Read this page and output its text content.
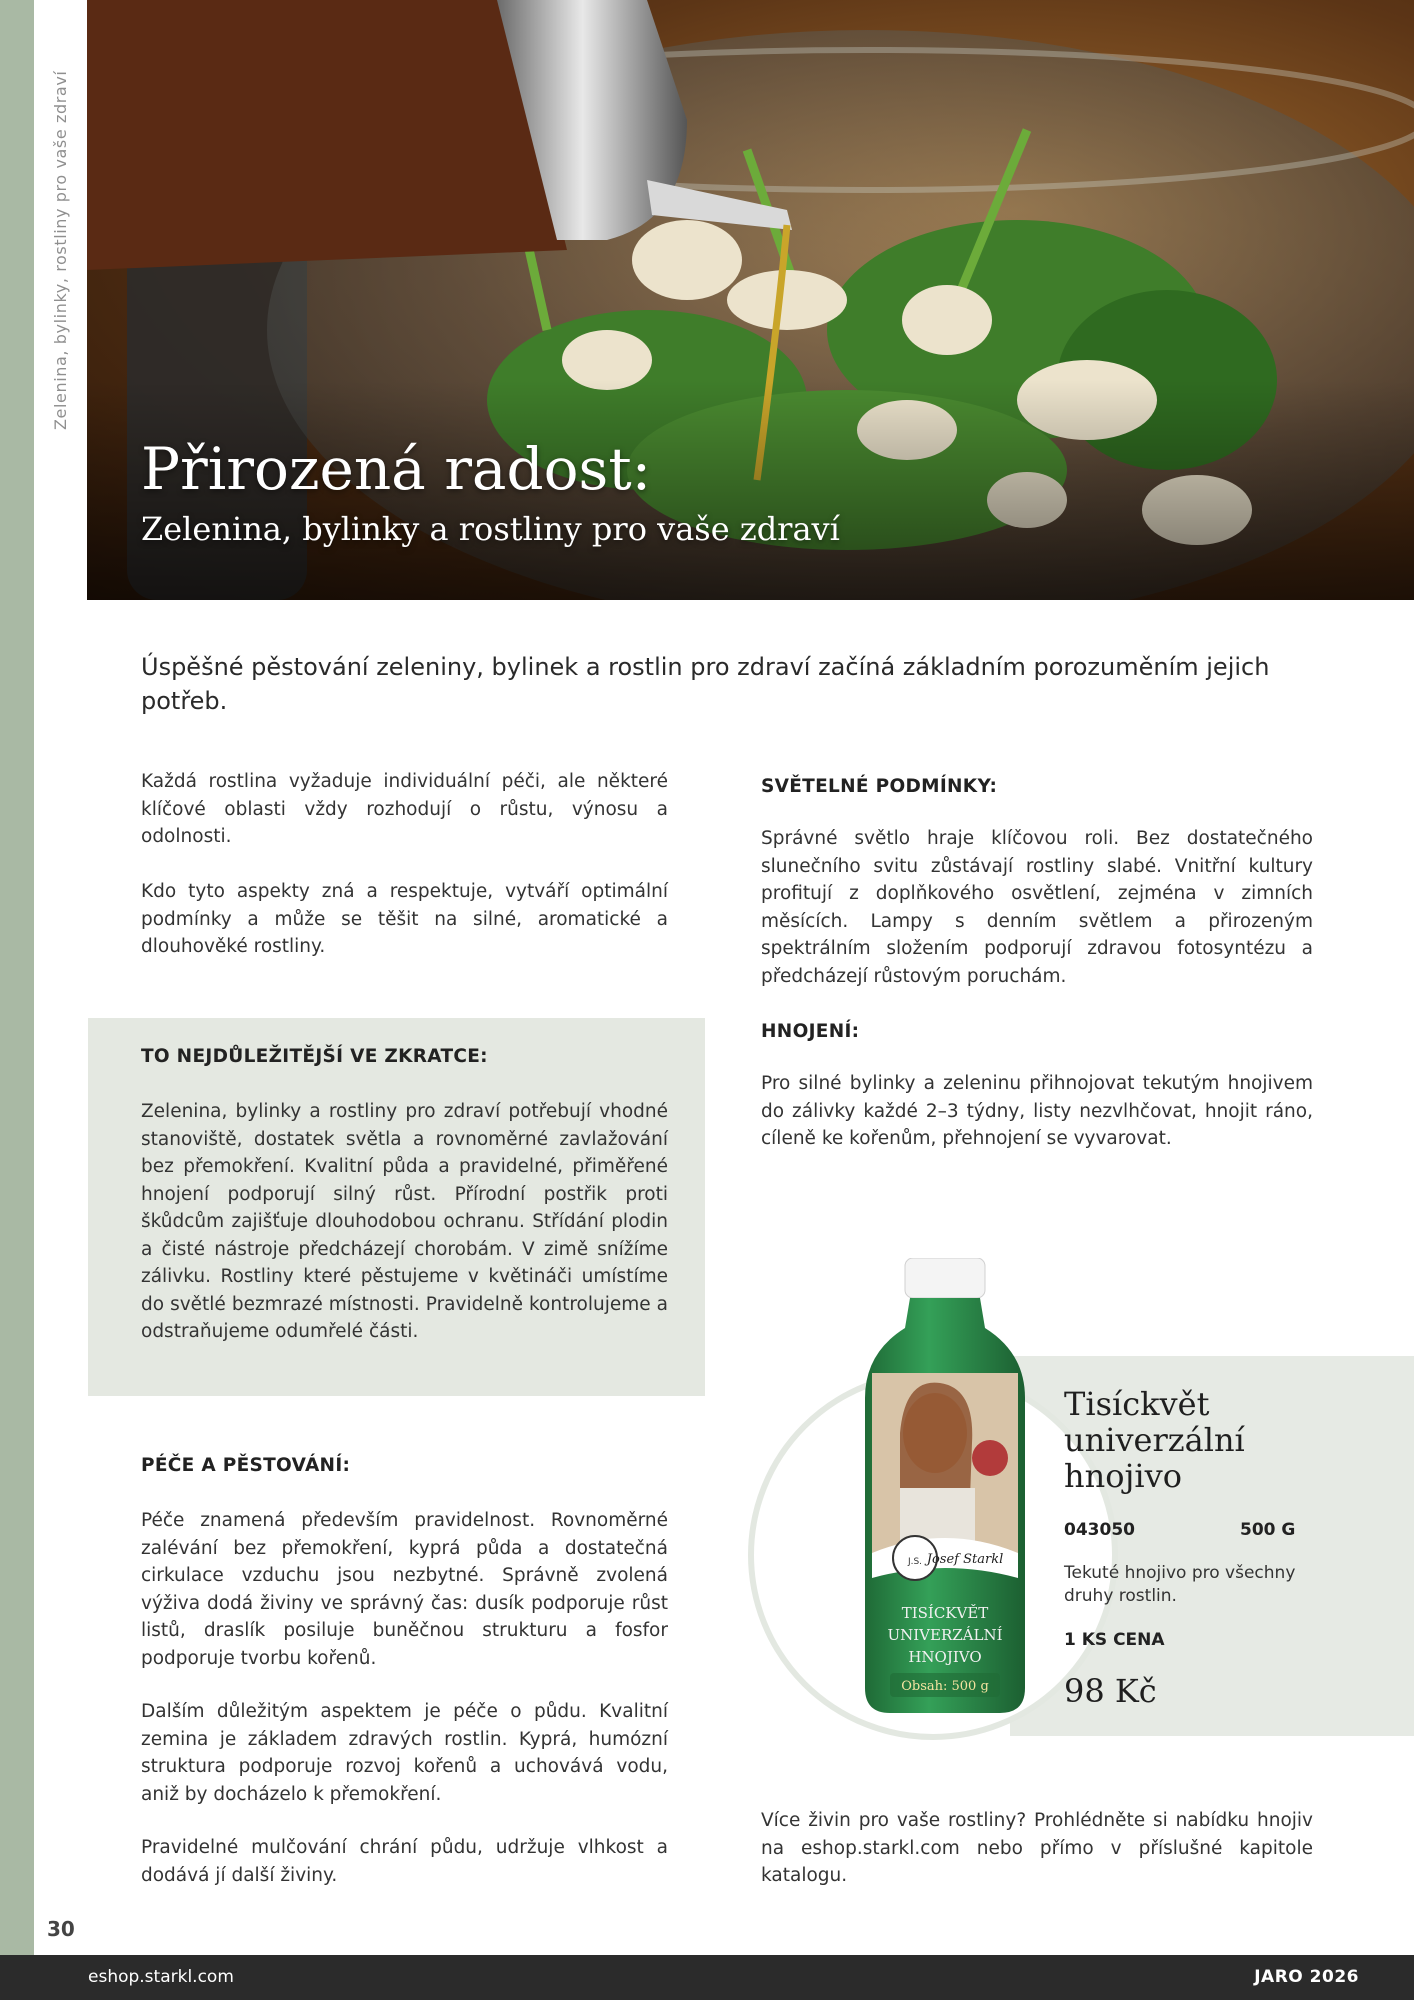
Zelenina, bylinky, rostliny pro vaše zdraví
Přirozená radost:
Zelenina, bylinky a rostliny pro vaše zdraví

Úspěšné pěstování zeleniny, bylinek a rostlin pro zdraví začíná základním porozuměním jejich potřeb.

Každá rostlina vyžaduje individuální péči, ale některé klíčové oblasti vždy rozhodují o růstu, výnosu a odolnosti.

Kdo tyto aspekty zná a respektuje, vytváří optimální podmínky a může se těšit na silné, aromatické a dlouhověké rostliny.

TO NEJDŮLEŽITĚJŠÍ VE ZKRATCE:

Zelenina, bylinky a rostliny pro zdraví potřebují vhodné stanoviště, dostatek světla a rovnoměrné zavlažování bez přemokření. Kvalitní půda a pravidelné, přiměřené hnojení podporují silný růst. Přírodní postřik proti škůdcům zajišťuje dlouhodobou ochranu. Střídání plodin a čisté nástroje předcházejí chorobám. V zimě snížíme zálivku. Rostliny které pěstujeme v květináči umístíme do světlé bezmrazé místnosti. Pravidelně kontrolujeme a odstraňujeme odumřelé části.

PÉČE A PĚSTOVÁNÍ:

Péče znamená především pravidelnost. Rovnoměrné zalévání bez přemokření, kyprá půda a dostatečná cirkulace vzduchu jsou nezbytné. Správně zvolená výživa dodá živiny ve správný čas: dusík podporuje růst listů, draslík posiluje buněčnou strukturu a fosfor podporuje tvorbu kořenů.

Dalším důležitým aspektem je péče o půdu. Kvalitní zemina je základem zdravých rostlin. Kyprá, humózní struktura podporuje rozvoj kořenů a uchovává vodu, aniž by docházelo k přemokření.

Pravidelné mulčování chrání půdu, udržuje vlhkost a dodává jí další živiny.

SVĚTELNÉ PODMÍNKY:

Správné světlo hraje klíčovou roli. Bez dostatečného slunečního svitu zůstávají rostliny slabé. Vnitřní kultury profitují z doplňkového osvětlení, zejména v zimních měsících. Lampy s denním světlem a přirozeným spektrálním složením podporují zdravou fotosyntézu a předcházejí růstovým poruchám.

HNOJENÍ:

Pro silné bylinky a zeleninu přihnojovat tekutým hnojivem do zálivky každé 2–3 týdny, listy nezvlhčovat, hnojit ráno, cíleně ke kořenům, přehnojení se vyvarovat.

J.S. Josef Starkl
TISÍCKVĚT
UNIVERZÁLNÍ
HNOJIVO
Obsah: 500 g

Tisíckvět univerzální hnojivo

043050	500 G

Tekuté hnojivo pro všechny druhy rostlin.

1 KS CENA
98 Kč

Více živin pro vaše rostliny? Prohlédněte si nabídku hnojiv na eshop.starkl.com nebo přímo v příslušné kapitole katalogu.

30
eshop.starkl.com	JARO 2026
